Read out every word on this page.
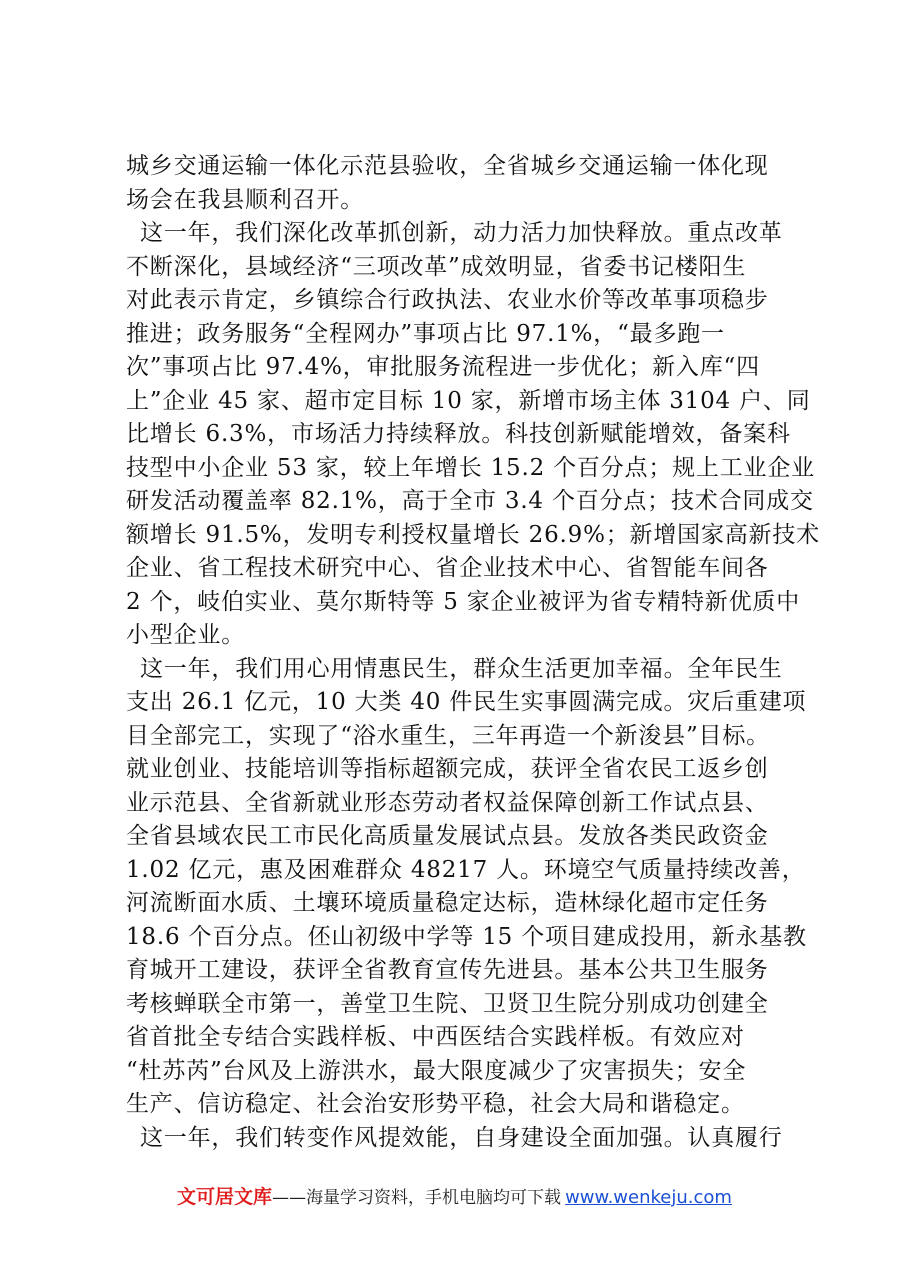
城乡交通运输一体化示范县验收，全省城乡交通运输一体化现
场会在我县顺利召开。
这一年，我们深化改革抓创新，动力活力加快释放。重点改革
不断深化，县域经济“三项改革”成效明显，省委书记楼阳生
对此表示肯定，乡镇综合行政执法、农业水价等改革事项稳步
推进；政务服务“全程网办”事项占比 97.1%，“最多跑一
次”事项占比 97.4%，审批服务流程进一步优化；新入库“四
上”企业 45 家、超市定目标 10 家，新增市场主体 3104 户、同
比增长 6.3%，市场活力持续释放。科技创新赋能增效，备案科
技型中小企业 53 家，较上年增长 15.2 个百分点；规上工业企业
研发活动覆盖率 82.1%，高于全市 3.4 个百分点；技术合同成交
额增长 91.5%，发明专利授权量增长 26.9%；新增国家高新技术
企业、省工程技术研究中心、省企业技术中心、省智能车间各
2 个，岐伯实业、莫尔斯特等 5 家企业被评为省专精特新优质中
小型企业。
这一年，我们用心用情惠民生，群众生活更加幸福。全年民生
支出 26.1 亿元，10 大类 40 件民生实事圆满完成。灾后重建项
目全部完工，实现了“浴水重生，三年再造一个新浚县”目标。
就业创业、技能培训等指标超额完成，获评全省农民工返乡创
业示范县、全省新就业形态劳动者权益保障创新工作试点县、
全省县域农民工市民化高质量发展试点县。发放各类民政资金
1.02 亿元，惠及困难群众 48217 人。环境空气质量持续改善，
河流断面水质、土壤环境质量稳定达标，造林绿化超市定任务
18.6 个百分点。伾山初级中学等 15 个项目建成投用，新永基教
育城开工建设，获评全省教育宣传先进县。基本公共卫生服务
考核蝉联全市第一，善堂卫生院、卫贤卫生院分别成功创建全
省首批全专结合实践样板、中西医结合实践样板。有效应对
“杜苏芮”台风及上游洪水，最大限度减少了灾害损失；安全
生产、信访稳定、社会治安形势平稳，社会大局和谐稳定。
这一年，我们转变作风提效能，自身建设全面加强。认真履行
文可居文库——海量学习资料，手机电脑均可下载 www.wenkeju.com
